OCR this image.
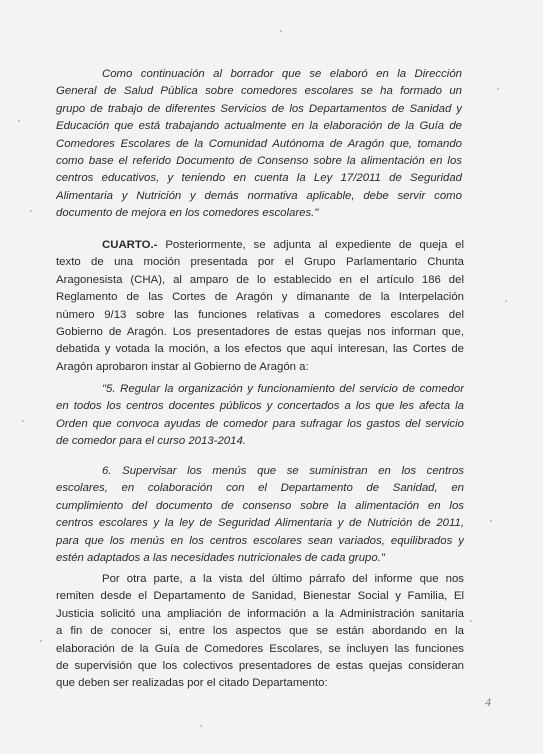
Como continuación al borrador que se elaboró en la Dirección
General de Salud Pública sobre comedores escolares se ha formado un
grupo de trabajo de diferentes Servicios de los Departamentos de Sanidad y
Educación que está trabajando actualmente en la elaboración de la Guía de
Comedores Escolares de la Comunidad Autónoma de Aragón que, tomando
como base el referido Documento de Consenso sobre la alimentación en los
centros educativos, y teniendo en cuenta la Ley 17/2011 de Seguridad
Alimentaria y Nutrición y demás normativa aplicable, debe servir como
documento de mejora en los comedores escolares."
CUARTO.- Posteriormente, se adjunta al expediente de queja el
texto de una moción presentada por el Grupo Parlamentario Chunta
Aragonesista (CHA), al amparo de lo establecido en el artículo 186 del
Reglamento de las Cortes de Aragón y dimanante de la Interpelación
número 9/13 sobre las funciones relativas a comedores escolares del
Gobierno de Aragón. Los presentadores de estas quejas nos informan que,
debatida y votada la moción, a los efectos que aquí interesan, las Cortes de
Aragón aprobaron instar al Gobierno de Aragón a:
"5. Regular la organización y funcionamiento del servicio de comedor
en todos los centros docentes públicos y concertados a los que les afecta la
Orden que convoca ayudas de comedor para sufragar los gastos del servicio
de comedor para el curso 2013-2014.
6. Supervisar los menús que se suministran en los centros
escolares, en colaboración con el Departamento de Sanidad, en
cumplimiento del documento de consenso sobre la alimentación en los
centros escolares y la ley de Seguridad Alimentaria y de Nutrición de 2011,
para que los menús en los centros escolares sean variados, equilibrados y
estén adaptados a las necesidades nutricionales de cada grupo."
Por otra parte, a la vista del último párrafo del informe que nos
remiten desde el Departamento de Sanidad, Bienestar Social y Familia, El
Justicia solicitó una ampliación de información a la Administración sanitaria
a fin de conocer si, entre los aspectos que se están abordando en la
elaboración de la Guía de Comedores Escolares, se incluyen las funciones
de supervisión que los colectivos presentadores de estas quejas consideran
que deben ser realizadas por el citado Departamento:
4
